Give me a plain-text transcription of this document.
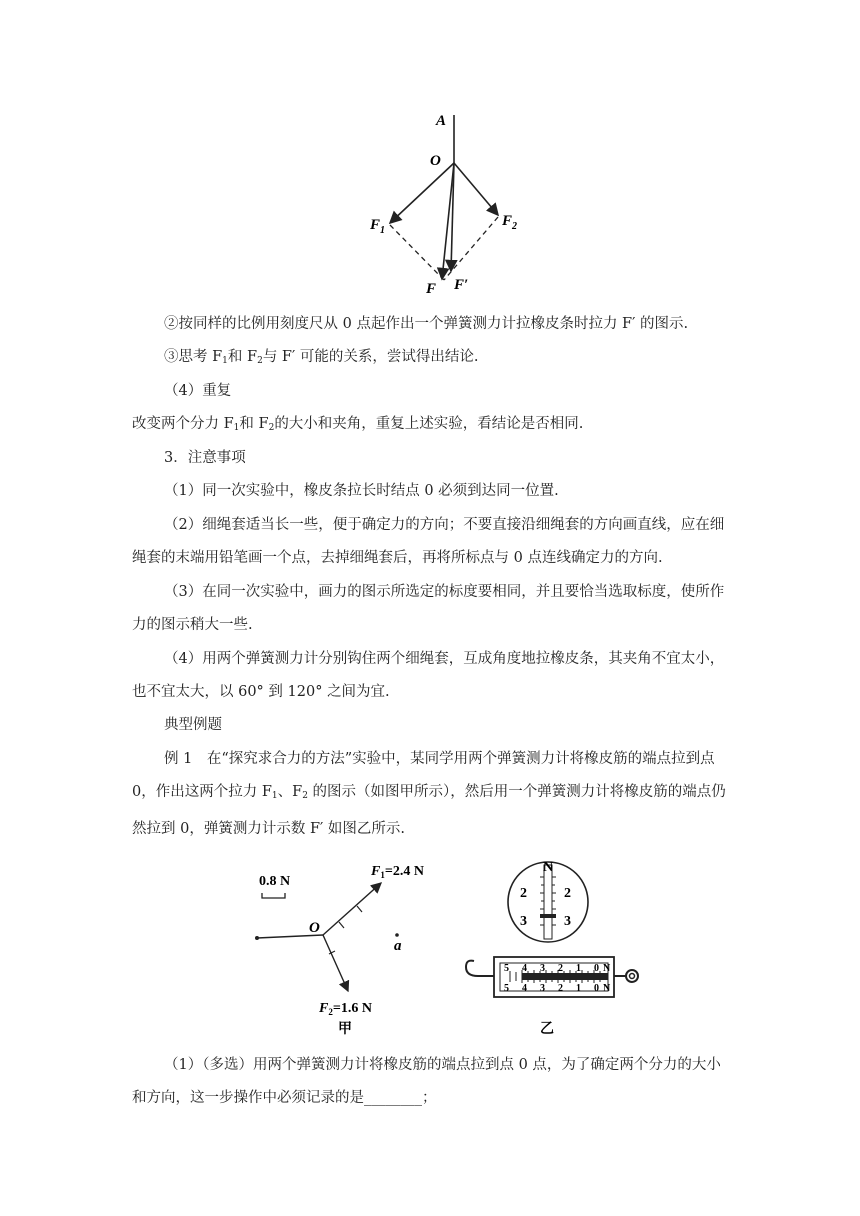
A
O
$F_1$
$F_2$
F F′
②按同样的比例用刻度尺从 0 点起作出一个弹簧测力计拉橡皮条时拉力 F′ 的图示.
③思考 $F_1$和 $F_2$与 F′ 可能的关系，尝试得出结论.
（4）重复
改变两个分力 $F_1$和 $F_2$的大小和夹角，重复上述实验，看结论是否相同.
3．注意事项
（1）同一次实验中，橡皮条拉长时结点 0 必须到达同一位置.
（2）细绳套适当长一些，便于确定力的方向；不要直接沿细绳套的方向画直线，应在细绳套的末端用铅笔画一个点，去掉细绳套后，再将所标点与 0 点连线确定力的方向.
（3）在同一次实验中，画力的图示所选定的标度要相同，并且要恰当选取标度，使所作力的图示稍大一些.
（4）用两个弹簧测力计分别钩住两个细绳套，互成角度地拉橡皮条，其夹角不宜太小，也不宜太大，以 60° 到 120° 之间为宜.
典型例题
例 1　在“探究求合力的方法”实验中，某同学用两个弹簧测力计将橡皮筋的端点拉到点 0，作出这两个拉力 $F_1$、$F_2$ 的图示（如图甲所示），然后用一个弹簧测力计将橡皮筋的端点仍然拉到 0，弹簧测力计示数 F′ 如图乙所示.
0.8 N
O
a
$F_1=2.4$ N
$F_2=1.6$ N
甲
N
2	2
3	3
5 4 3 2 1 0 N
5 4 3 2 1 0 N
乙
（1）（多选）用两个弹簧测力计将橡皮筋的端点拉到点 0 点，为了确定两个分力的大小和方向，这一步操作中必须记录的是________；
